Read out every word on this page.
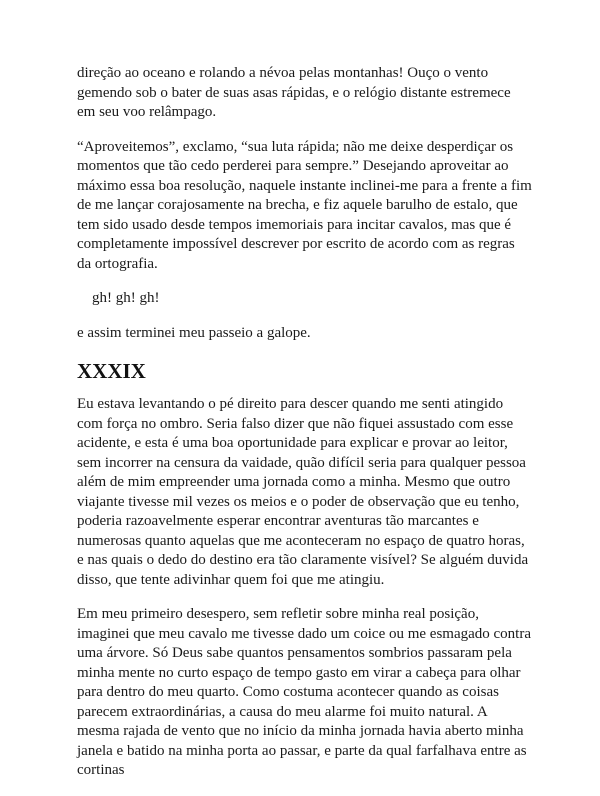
direção ao oceano e rolando a névoa pelas montanhas! Ouço o vento gemendo sob o bater de suas asas rápidas, e o relógio distante estremece em seu voo relâmpago.

“Aproveitemos”, exclamo, “sua luta rápida; não me deixe desperdiçar os momentos que tão cedo perderei para sempre.” Desejando aproveitar ao máximo essa boa resolução, naquele instante inclinei-me para a frente a fim de me lançar corajosamente na brecha, e fiz aquele barulho de estalo, que tem sido usado desde tempos imemoriais para incitar cavalos, mas que é completamente impossível descrever por escrito de acordo com as regras da ortografia.

gh! gh! gh!

e assim terminei meu passeio a galope.

XXXIX

Eu estava levantando o pé direito para descer quando me senti atingido com força no ombro. Seria falso dizer que não fiquei assustado com esse acidente, e esta é uma boa oportunidade para explicar e provar ao leitor, sem incorrer na censura da vaidade, quão difícil seria para qualquer pessoa além de mim empreender uma jornada como a minha. Mesmo que outro viajante tivesse mil vezes os meios e o poder de observação que eu tenho, poderia razoavelmente esperar encontrar aventuras tão marcantes e numerosas quanto aquelas que me aconteceram no espaço de quatro horas, e nas quais o dedo do destino era tão claramente visível? Se alguém duvida disso, que tente adivinhar quem foi que me atingiu.

Em meu primeiro desespero, sem refletir sobre minha real posição, imaginei que meu cavalo me tivesse dado um coice ou me esmagado contra uma árvore. Só Deus sabe quantos pensamentos sombrios passaram pela minha mente no curto espaço de tempo gasto em virar a cabeça para olhar para dentro do meu quarto. Como costuma acontecer quando as coisas parecem extraordinárias, a causa do meu alarme foi muito natural. A mesma rajada de vento que no início da minha jornada havia aberto minha janela e batido na minha porta ao passar, e parte da qual farfalhava entre as cortinas
